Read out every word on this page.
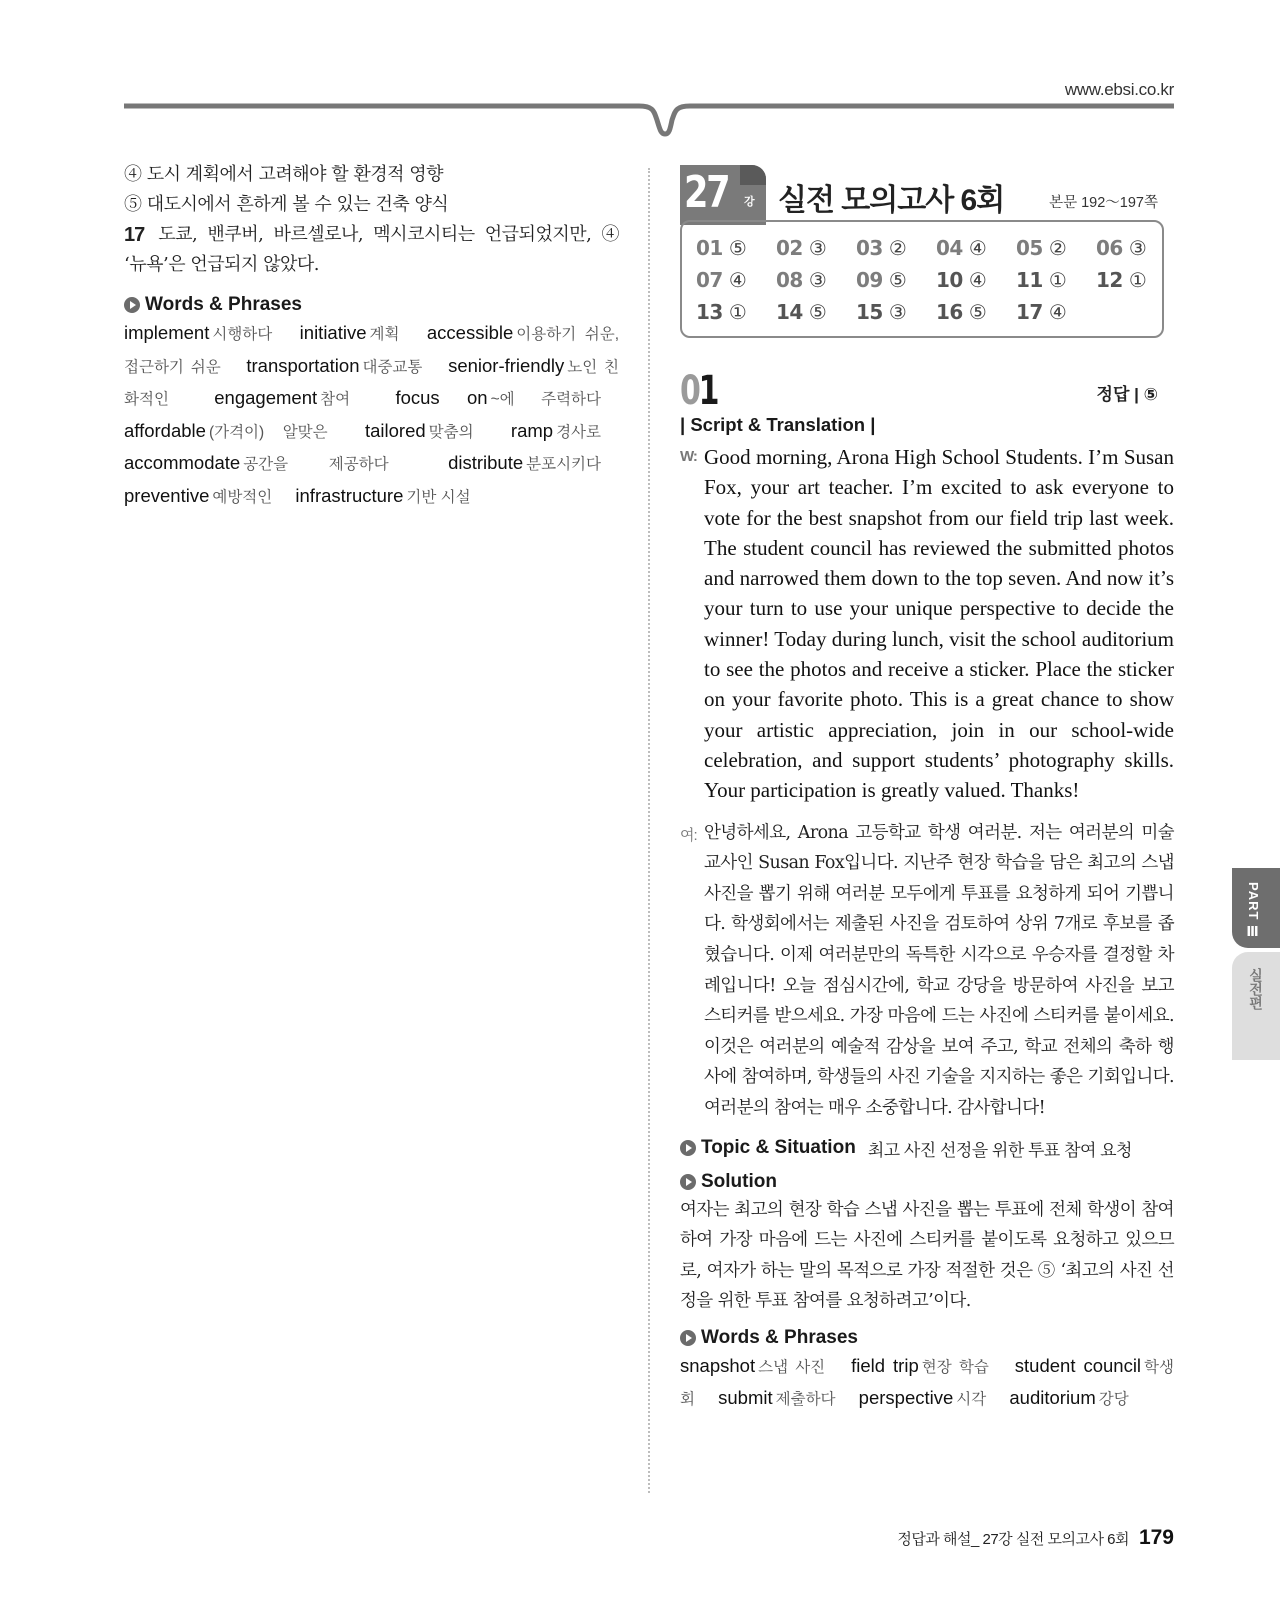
www.ebsi.co.kr
④ 도시 계획에서 고려해야 할 환경적 영향
⑤ 대도시에서 흔하게 볼 수 있는 건축 양식
17 도쿄, 밴쿠버, 바르셀로나, 멕시코시티는 언급되었지만, ④
‘뉴욕’은 언급되지 않았다.
Words & Phrases
implement 시행하다 initiative 계획 accessible 이용하기 쉬운, 접근하기 쉬운 transportation 대중교통 senior-friendly 노인 친화적인 engagement 참여 focus on ~에 주력하다 affordable (가격이) 알맞은 tailored 맞춤의 ramp 경사로 accommodate 공간을 제공하다	distribute 분포시키다 preventive 예방적인 infrastructure 기반 시설
27 강 실전 모의고사 6회	본문 192～197쪽
01 ⑤	02 ③	03 ②	04 ④	05 ②	06 ③
07 ④	08 ③	09 ⑤	10 ④	11 ①	12 ①
13 ①	14 ⑤	15 ③	16 ⑤	17 ④
01	정답 | ⑤
| Script & Translation |
W: Good morning, Arona High School Students. I’m Susan Fox, your art teacher. I’m excited to ask everyone to vote for the best snapshot from our field trip last week. The student council has reviewed the submitted photos and narrowed them down to the top seven. And now it’s your turn to use your unique perspective to decide the winner! Today during lunch, visit the school auditorium to see the photos and receive a sticker. Place the sticker on your favorite photo. This is a great chance to show your artistic appreciation, join in our school-wide celebration, and support students’ photography skills. Your participation is greatly valued. Thanks!
여: 안녕하세요, Arona 고등학교 학생 여러분. 저는 여러분의 미술 교사인 Susan Fox입니다. 지난주 현장 학습을 담은 최고의 스냅 사진을 뽑기 위해 여러분 모두에게 투표를 요청하게 되어 기쁩니다. 학생회에서는 제출된 사진을 검토하여 상위 7개로 후보를 좁혔습니다. 이제 여러분만의 독특한 시각으로 우승자를 결정할 차례입니다! 오늘 점심시간에, 학교 강당을 방문하여 사진을 보고 스티커를 받으세요. 가장 마음에 드는 사진에 스티커를 붙이세요. 이것은 여러분의 예술적 감상을 보여 주고, 학교 전체의 축하 행사에 참여하며, 학생들의 사진 기술을 지지하는 좋은 기회입니다. 여러분의 참여는 매우 소중합니다. 감사합니다!
Topic & Situation 최고 사진 선정을 위한 투표 참여 요청
Solution
여자는 최고의 현장 학습 스냅 사진을 뽑는 투표에 전체 학생이 참여하여 가장 마음에 드는 사진에 스티커를 붙이도록 요청하고 있으므로, 여자가 하는 말의 목적으로 가장 적절한 것은 ⑤ ‘최고의 사진 선정을 위한 투표 참여를 요청하려고’이다.
Words & Phrases
snapshot 스냅 사진 field trip 현장 학습 student council 학생회 submit 제출하다 perspective 시각 auditorium 강당
PART Ⅲ
실전편
정답과 해설_ 27강 실전 모의고사 6회 179
